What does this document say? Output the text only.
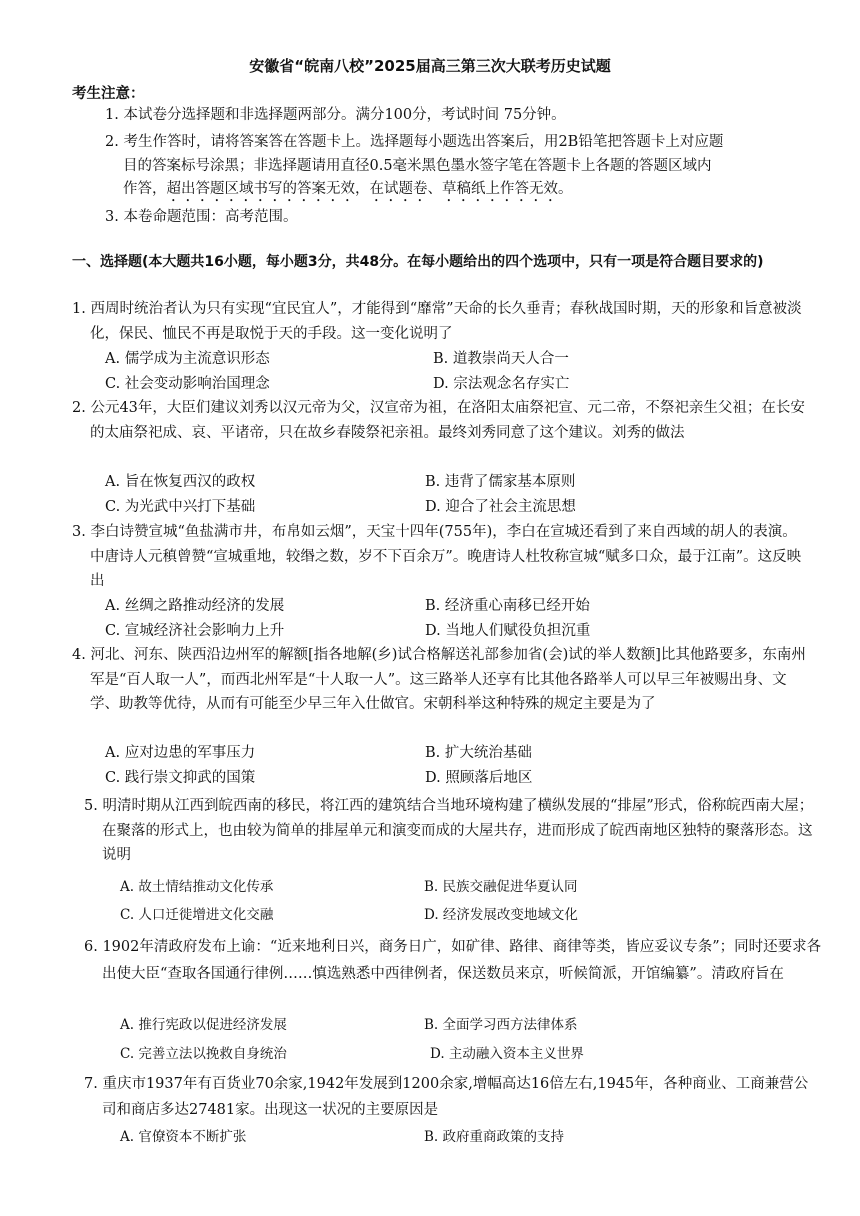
安徽省“皖南八校”2025届高三第三次大联考历史试题
考生注意：
1. 本试卷分选择题和非选择题两部分。满分100分，考试时间 75分钟。
2. 考生作答时，请将答案答在答题卡上。选择题每小题选出答案后，用2B铅笔把答题卡上对应题
目的答案标号涂黑；非选择题请用直径0.5毫米黑色墨水签字笔在答题卡上各题的答题区域内
作答，超出答题区域书写的答案无效，在试题卷、草稿纸上作答无效。
3. 本卷命题范围：高考范围。
一、选择题(本大题共16小题，每小题3分，共48分。在每小题给出的四个选项中，只有一项是符合题目要求的)
1. 西周时统治者认为只有实现“宜民宜人”，才能得到“靡常”天命的长久垂青；春秋战国时期，天的形象和旨意被淡化，保民、恤民不再是取悦于天的手段。这一变化说明了
A. 儒学成为主流意识形态	B. 道教崇尚天人合一
C. 社会变动影响治国理念	D. 宗法观念名存实亡
2. 公元43年，大臣们建议刘秀以汉元帝为父，汉宣帝为祖，在洛阳太庙祭祀宣、元二帝，不祭祀亲生父祖；在长安的太庙祭祀成、哀、平诸帝，只在故乡春陵祭祀亲祖。最终刘秀同意了这个建议。刘秀的做法
A. 旨在恢复西汉的政权	B. 违背了儒家基本原则
C. 为光武中兴打下基础	D. 迎合了社会主流思想
3. 李白诗赞宣城“鱼盐满市井，布帛如云烟”，天宝十四年(755年)，李白在宣城还看到了来自西域的胡人的表演。中唐诗人元稹曾赞“宣城重地，较缗之数，岁不下百余万”。晚唐诗人杜牧称宣城“赋多口众，最于江南”。这反映出
A. 丝绸之路推动经济的发展	B. 经济重心南移已经开始
C. 宣城经济社会影响力上升	D. 当地人们赋役负担沉重
4. 河北、河东、陕西沿边州军的解额[指各地解(乡)试合格解送礼部参加省(会)试的举人数额]比其他路要多，东南州军是“百人取一人”，而西北州军是“十人取一人”。这三路举人还享有比其他各路举人可以早三年被赐出身、文学、助教等优待，从而有可能至少早三年入仕做官。宋朝科举这种特殊的规定主要是为了
A. 应对边患的军事压力	B. 扩大统治基础
C. 践行崇文抑武的国策	D. 照顾落后地区
5. 明清时期从江西到皖西南的移民，将江西的建筑结合当地环境构建了横纵发展的“排屋”形式，俗称皖西南大屋；在聚落的形式上，也由较为简单的排屋单元和演变而成的大屋共存，进而形成了皖西南地区独特的聚落形态。这说明
A. 故土情结推动文化传承	B. 民族交融促进华夏认同
C. 人口迁徙增进文化交融	D. 经济发展改变地域文化
6. 1902年清政府发布上谕：“近来地利日兴，商务日广，如矿律、路律、商律等类，皆应妥议专条”；同时还要求各出使大臣“查取各国通行律例……慎选熟悉中西律例者，保送数员来京，听候简派，开馆编纂”。清政府旨在
A. 推行宪政以促进经济发展	B. 全面学习西方法律体系
C. 完善立法以挽救自身统治	D. 主动融入资本主义世界
7. 重庆市1937年有百货业70余家,1942年发展到1200余家,增幅高达16倍左右,1945年，各种商业、工商兼营公司和商店多达27481家。出现这一状况的主要原因是
A. 官僚资本不断扩张	B. 政府重商政策的支持
